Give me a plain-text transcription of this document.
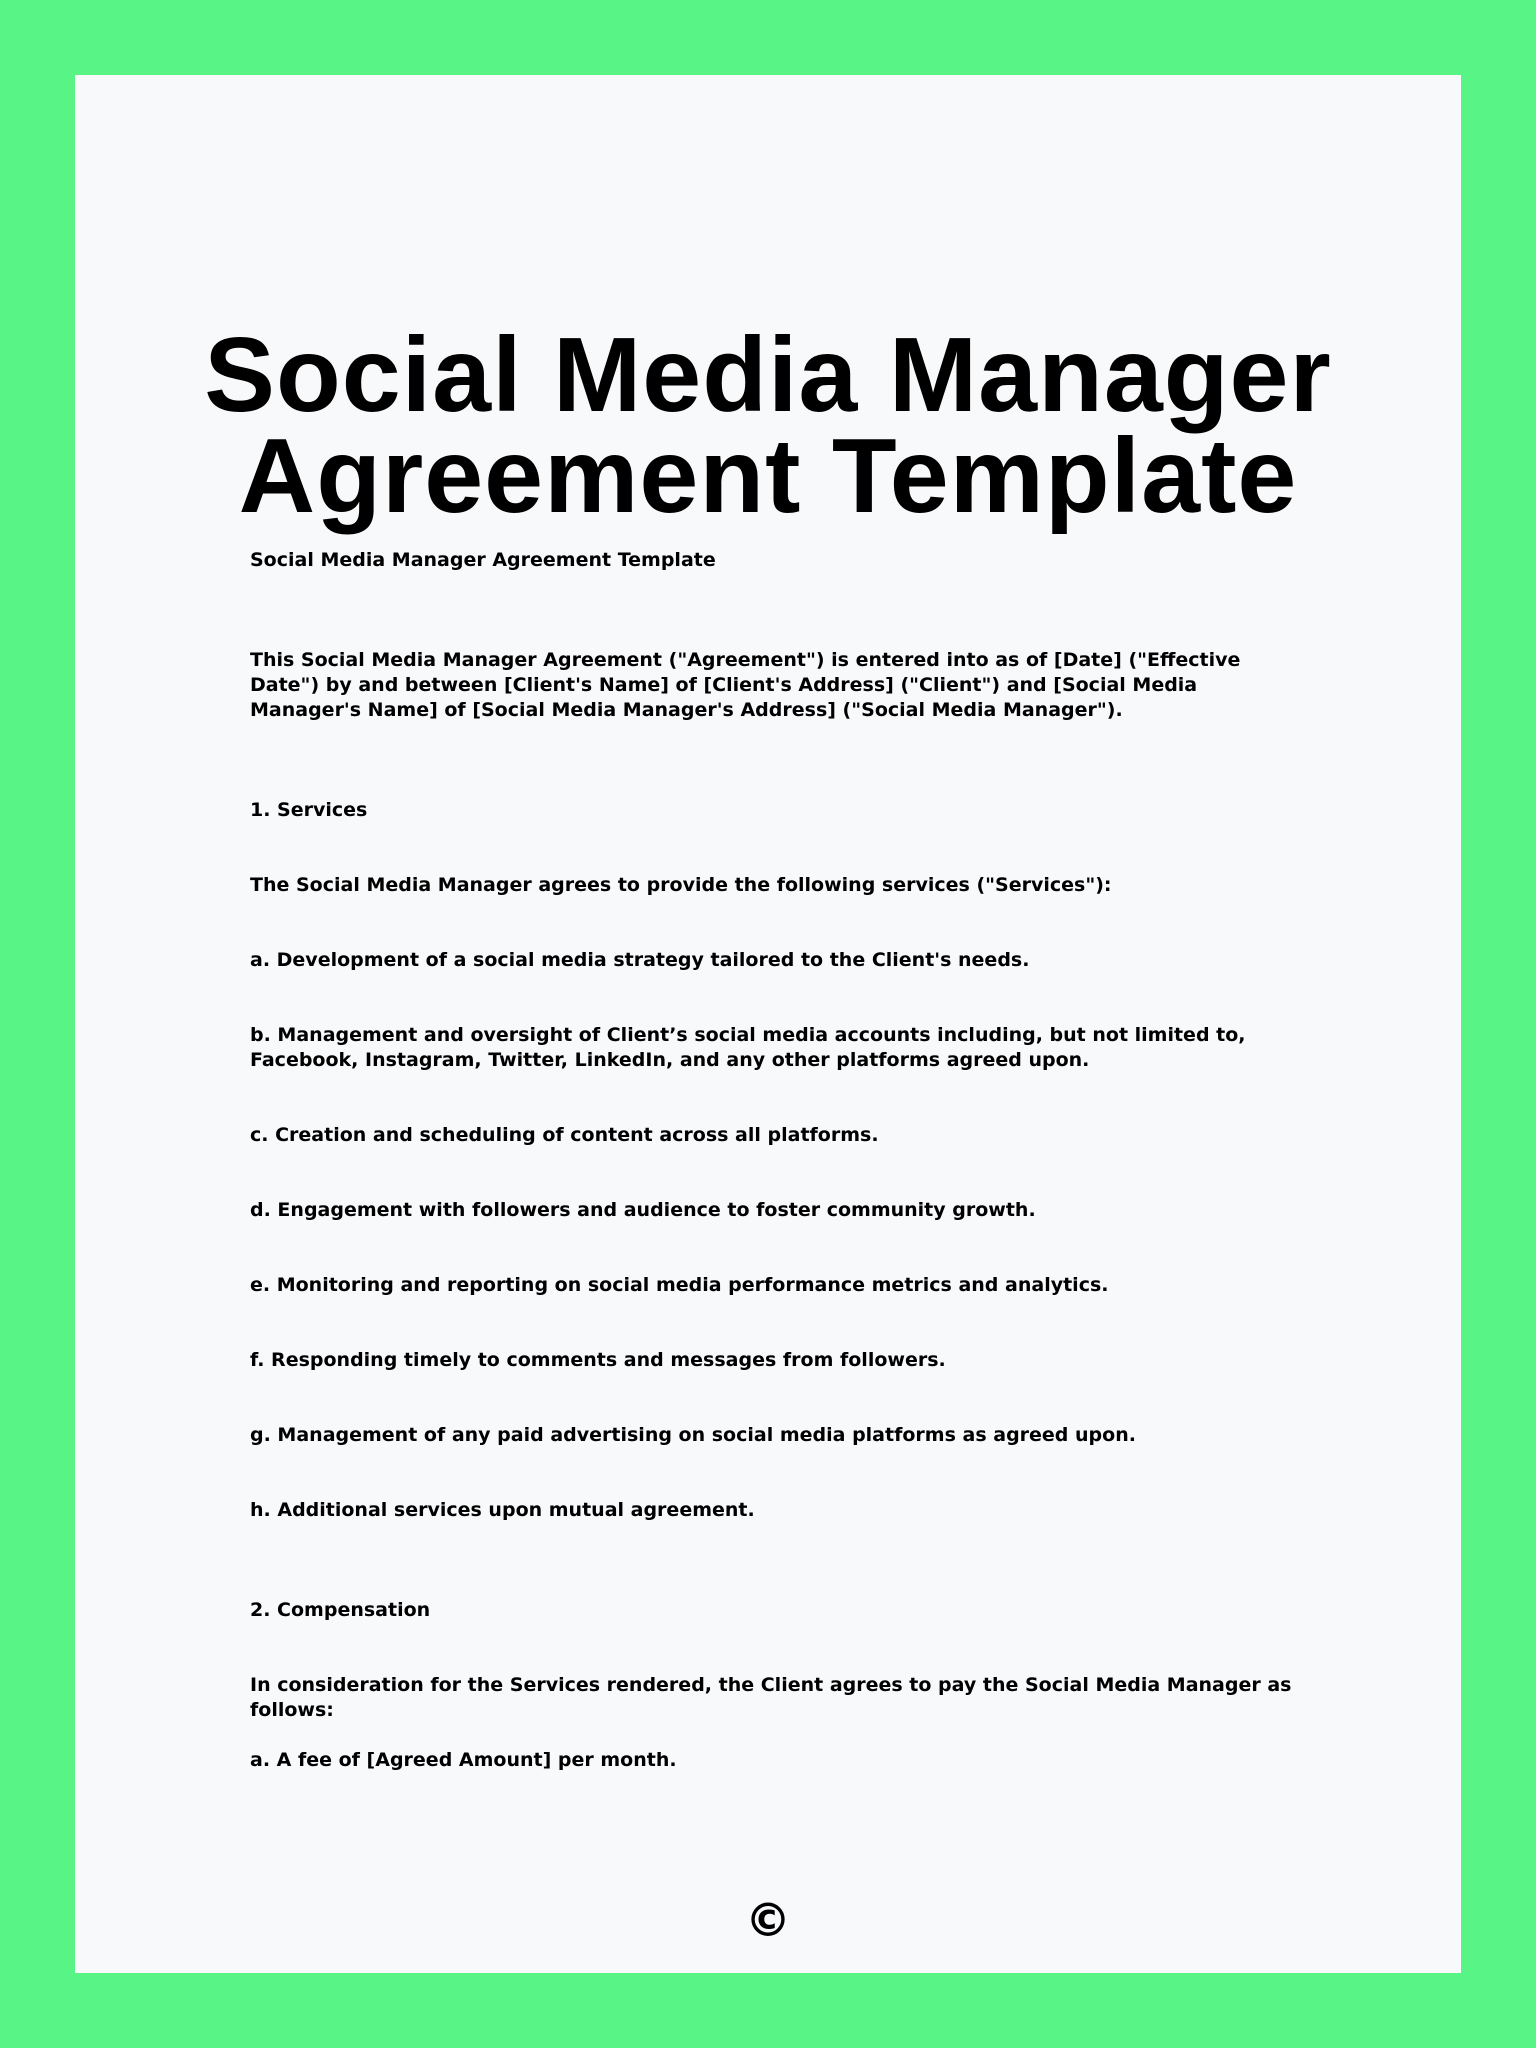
Social Media Manager
Agreement Template

Social Media Manager Agreement Template

This Social Media Manager Agreement ("Agreement") is entered into as of [Date] ("Effective Date") by and between [Client's Name] of [Client's Address] ("Client") and [Social Media Manager's Name] of [Social Media Manager's Address] ("Social Media Manager").

1. Services

The Social Media Manager agrees to provide the following services ("Services"):

a. Development of a social media strategy tailored to the Client's needs.

b. Management and oversight of Client’s social media accounts including, but not limited to, Facebook, Instagram, Twitter, LinkedIn, and any other platforms agreed upon.

c. Creation and scheduling of content across all platforms.

d. Engagement with followers and audience to foster community growth.

e. Monitoring and reporting on social media performance metrics and analytics.

f. Responding timely to comments and messages from followers.

g. Management of any paid advertising on social media platforms as agreed upon.

h. Additional services upon mutual agreement.

2. Compensation

In consideration for the Services rendered, the Client agrees to pay the Social Media Manager as follows:

a. A fee of [Agreed Amount] per month.

©
